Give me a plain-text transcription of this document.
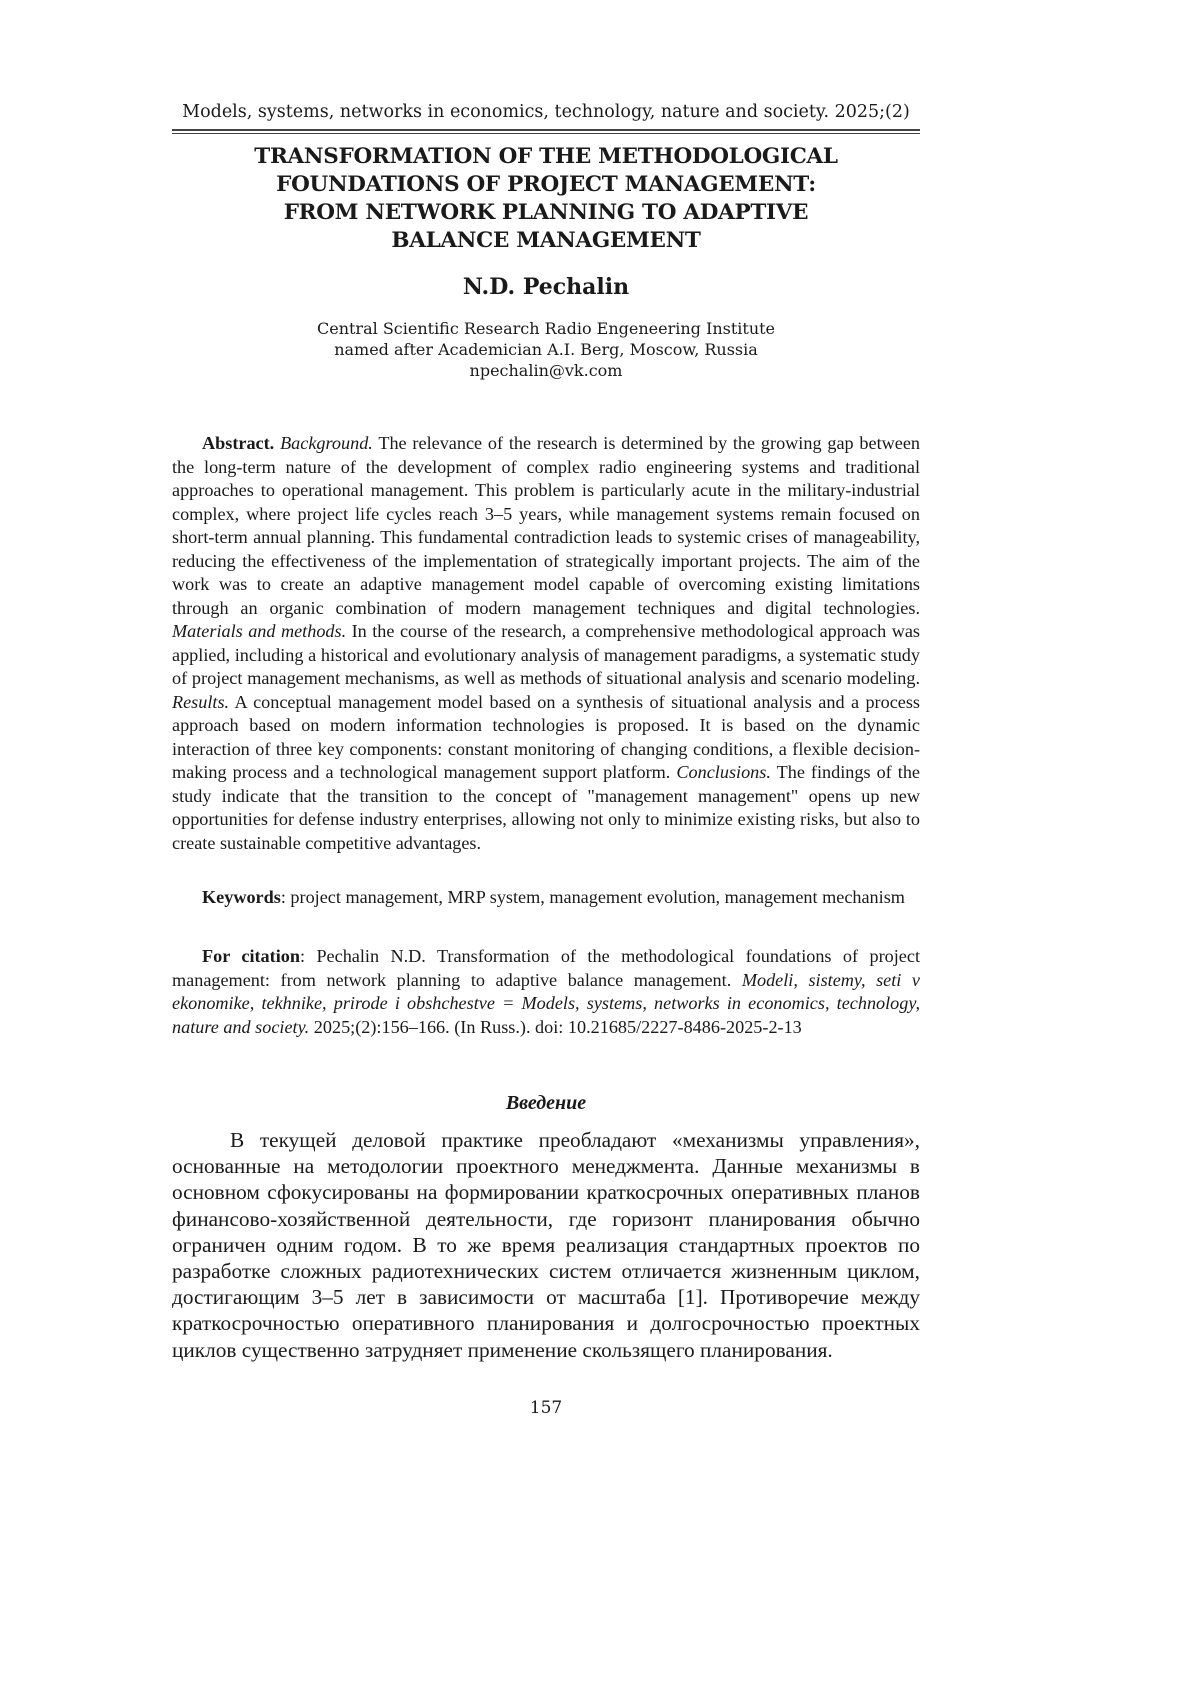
Models, systems, networks in economics, technology, nature and society. 2025;(2)
TRANSFORMATION OF THE METHODOLOGICAL
FOUNDATIONS OF PROJECT MANAGEMENT:
FROM NETWORK PLANNING TO ADAPTIVE
BALANCE MANAGEMENT
N.D. Pechalin
Central Scientific Research Radio Engeneering Institute
named after Academician A.I. Berg, Moscow, Russia
npechalin@vk.com
Abstract. Background. The relevance of the research is determined by the growing gap between the long-term nature of the development of complex radio engineering systems and traditional approaches to operational management. This problem is particularly acute in the military-industrial complex, where project life cycles reach 3–5 years, while management systems remain focused on short-term annual planning. This fundamental contradiction leads to systemic crises of manageability, reducing the effectiveness of the implementation of strategically important projects. The aim of the work was to create an adaptive management model capable of overcoming existing limitations through an organic combination of modern management techniques and digital technologies. Materials and methods. In the course of the research, a comprehensive methodological approach was applied, including a historical and evolutionary analysis of management paradigms, a systematic study of project management mechanisms, as well as methods of situational analysis and scenario modeling. Results. A conceptual management model based on a synthesis of situational analysis and a process approach based on modern information technologies is proposed. It is based on the dynamic interaction of three key components: constant monitoring of changing conditions, a flexible decision-making process and a technological management support platform. Conclusions. The findings of the study indicate that the transition to the concept of "management management" opens up new opportunities for defense industry enterprises, allowing not only to minimize existing risks, but also to create sustainable competitive advantages.
Keywords: project management, MRP system, management evolution, management mechanism
For citation: Pechalin N.D. Transformation of the methodological foundations of project management: from network planning to adaptive balance management. Modeli, sistemy, seti v ekonomike, tekhnike, prirode i obshchestve = Models, systems, networks in economics, technology, nature and society. 2025;(2):156–166. (In Russ.). doi: 10.21685/2227-8486-2025-2-13
Введение
В текущей деловой практике преобладают «механизмы управления», основанные на методологии проектного менеджмента. Данные механизмы в основном сфокусированы на формировании краткосрочных оперативных планов финансово-хозяйственной деятельности, где горизонт планирования обычно ограничен одним годом. В то же время реализация стандартных проектов по разработке сложных радиотехнических систем отличается жизненным циклом, достигающим 3–5 лет в зависимости от масштаба [1]. Противоречие между краткосрочностью оперативного планирования и долгосрочностью проектных циклов существенно затрудняет применение скользящего планирования.
157
